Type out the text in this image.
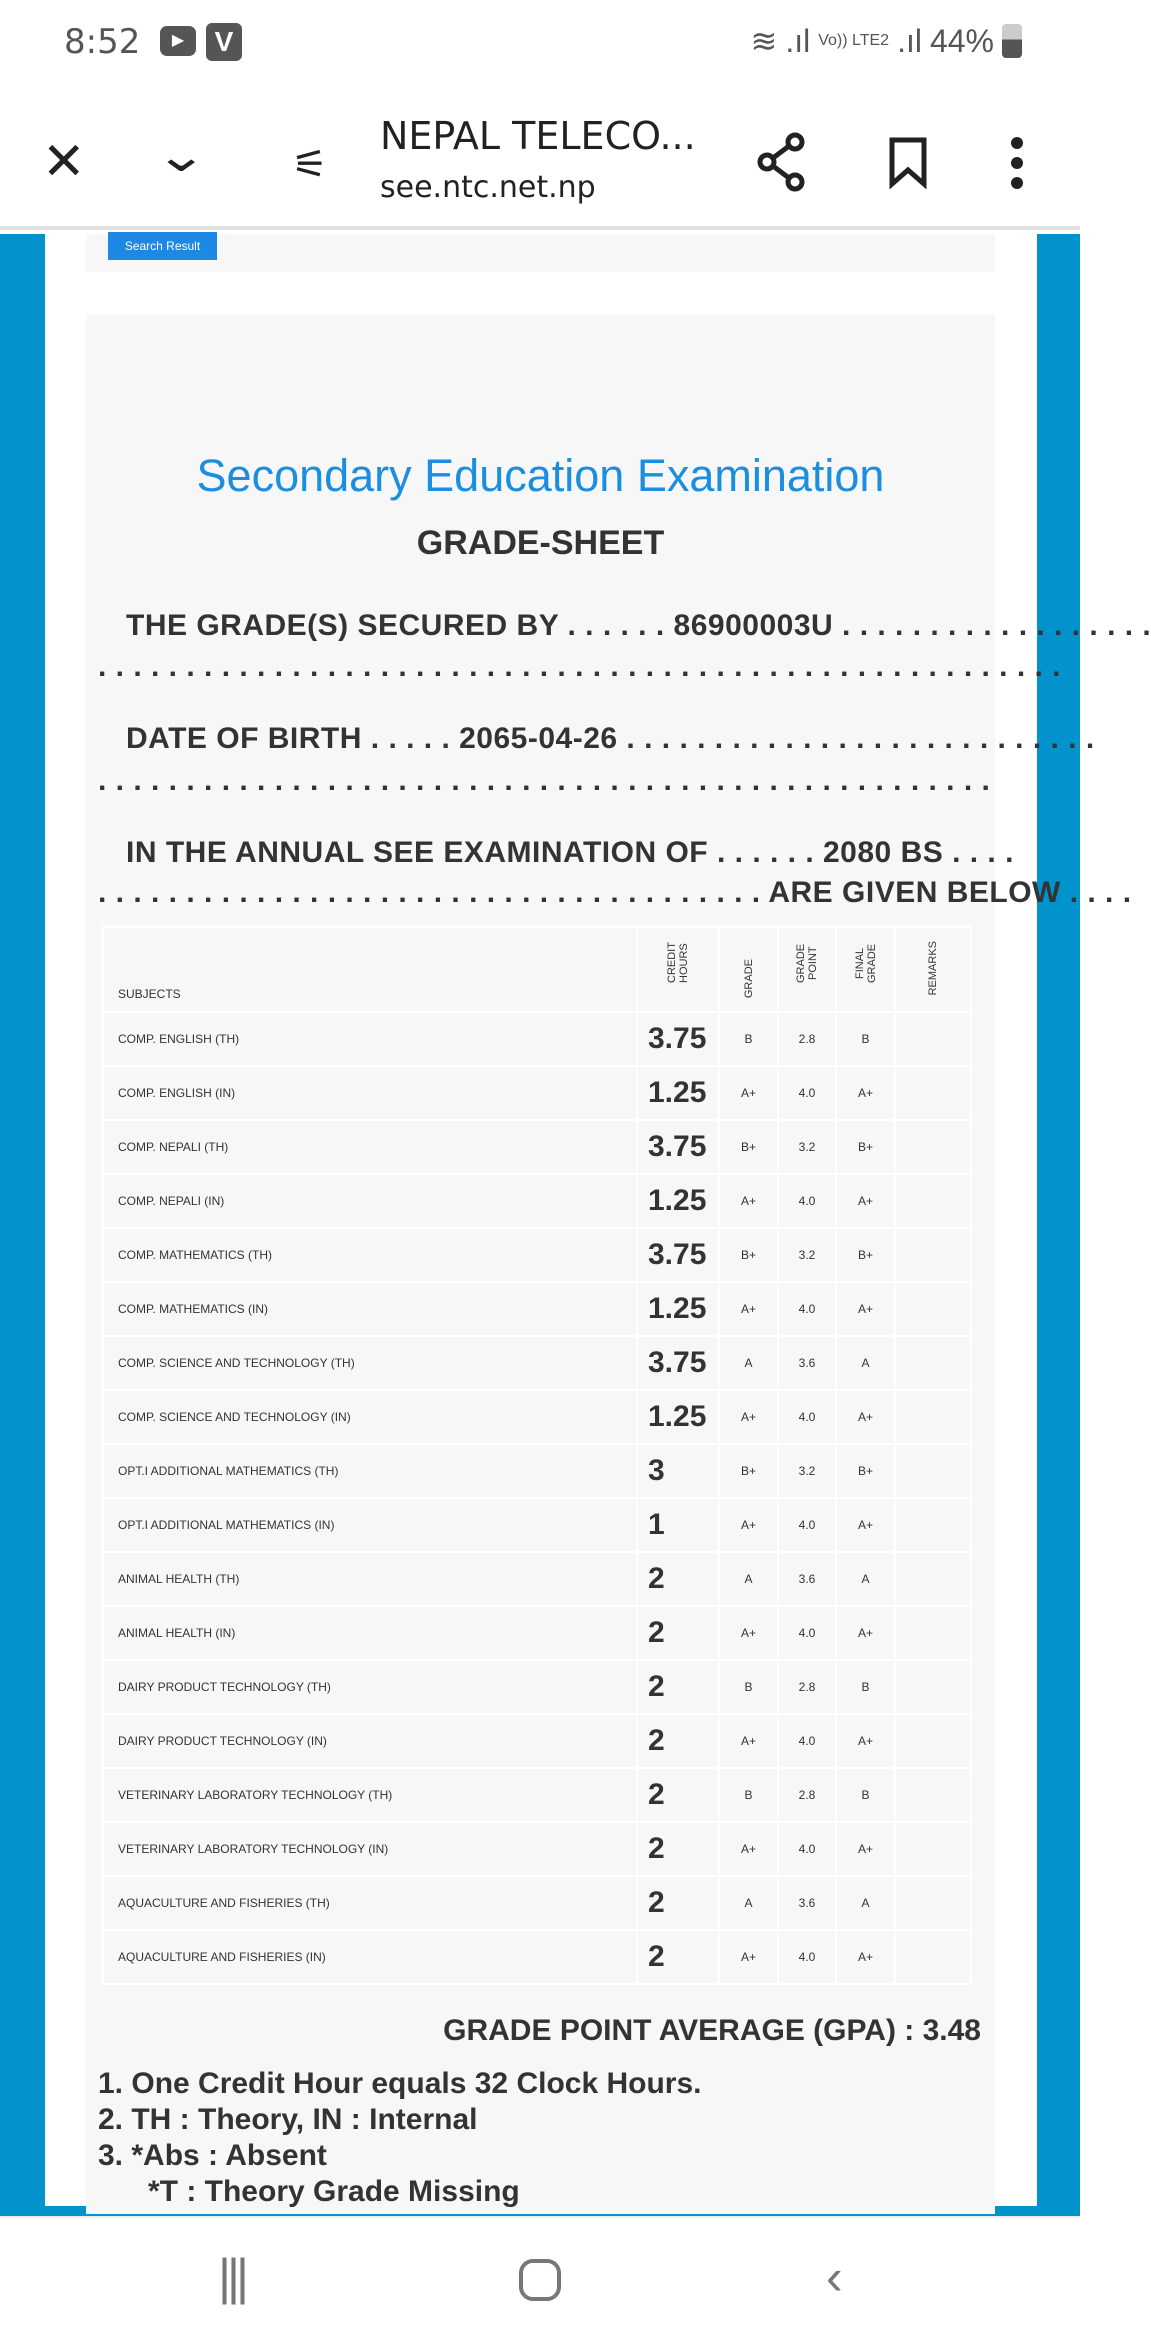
8:52	▶	V	≋ .ıl Vo)) LTE2 .ıl 44%
✕ ⌄ ⚟
NEPAL TELECO...
see.ntc.net.np
Search Result
Secondary Education Examination
GRADE-SHEET
THE GRADE(S) SECURED BY . . . . . . 86900003U . . . . . . . . . . . . . . . . . .
. . . . . . . . . . . . . . . . . . . . . . . . . . . . . . . . . . . . . . . . . . . . . . . . . . . . . . .
DATE OF BIRTH . . . . . 2065-04-26 . . . . . . . . . . . . . . . . . . . . . . . . . . .
. . . . . . . . . . . . . . . . . . . . . . . . . . . . . . . . . . . . . . . . . . . . . . . . . . .
IN THE ANNUAL SEE EXAMINATION OF . . . . . . 2080 BS . . . .
. . . . . . . . . . . . . . . . . . . . . . . . . . . . . . . . . . . . . . ARE GIVEN BELOW . . . .
SUBJECTS	CREDIT HOURS	GRADE	GRADE POINT	FINAL GRADE	REMARKS
COMP. ENGLISH (TH)	3.75	B	2.8	B	
COMP. ENGLISH (IN)	1.25	A+	4.0	A+	
COMP. NEPALI (TH)	3.75	B+	3.2	B+	
COMP. NEPALI (IN)	1.25	A+	4.0	A+	
COMP. MATHEMATICS (TH)	3.75	B+	3.2	B+	
COMP. MATHEMATICS (IN)	1.25	A+	4.0	A+	
COMP. SCIENCE AND TECHNOLOGY (TH)	3.75	A	3.6	A	
COMP. SCIENCE AND TECHNOLOGY (IN)	1.25	A+	4.0	A+	
OPT.I ADDITIONAL MATHEMATICS (TH)	3	B+	3.2	B+	
OPT.I ADDITIONAL MATHEMATICS (IN)	1	A+	4.0	A+	
ANIMAL HEALTH (TH)	2	A	3.6	A	
ANIMAL HEALTH (IN)	2	A+	4.0	A+	
DAIRY PRODUCT TECHNOLOGY (TH)	2	B	2.8	B	
DAIRY PRODUCT TECHNOLOGY (IN)	2	A+	4.0	A+	
VETERINARY LABORATORY TECHNOLOGY (TH)	2	B	2.8	B	
VETERINARY LABORATORY TECHNOLOGY (IN)	2	A+	4.0	A+	
AQUACULTURE AND FISHERIES (TH)	2	A	3.6	A	
AQUACULTURE AND FISHERIES (IN)	2	A+	4.0	A+	
GRADE POINT AVERAGE (GPA) : 3.48
1. One Credit Hour equals 32 Clock Hours.
2. TH : Theory, IN : Internal
3. *Abs : Absent
*T : Theory Grade Missing
|||	‹
